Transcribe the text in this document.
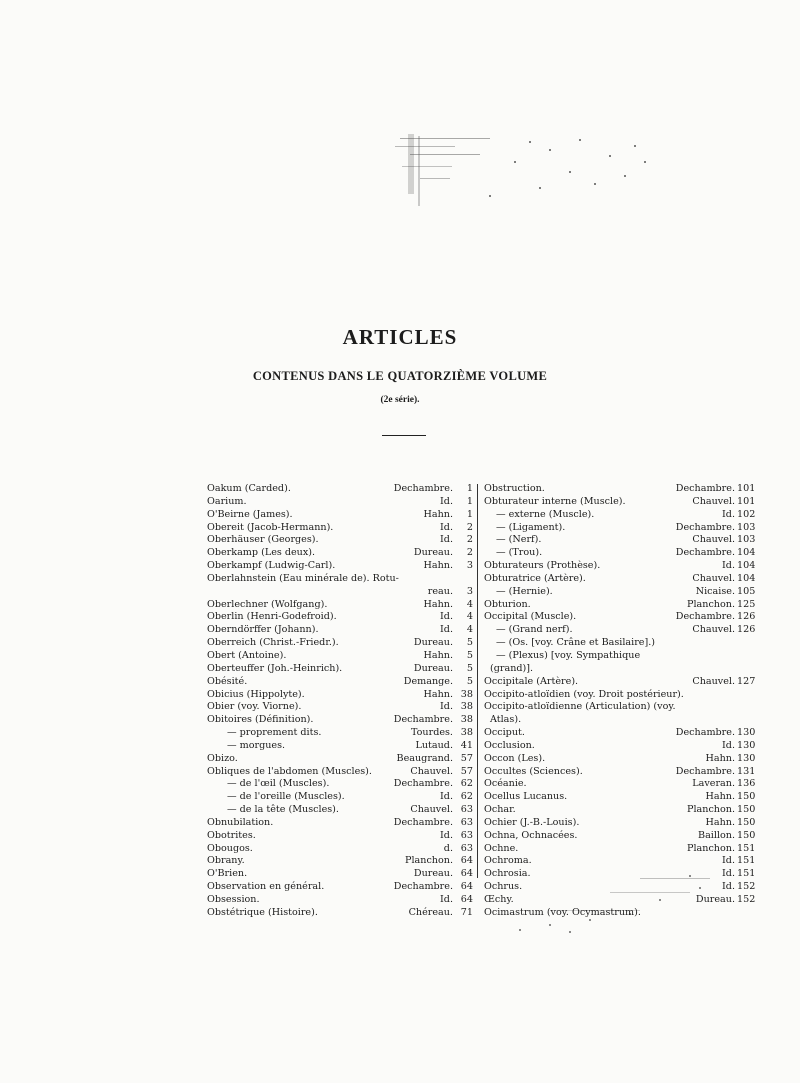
ARTICLES
CONTENUS DANS LE QUATORZIÈME VOLUME
(2e série).
Oakum (Carded).	Dechambre.	1
Oarium.	Id.	1
O'Beirne (James).	Hahn.	1
Obereit (Jacob-Hermann).	Id.	2
Oberhäuser (Georges).	Id.	2
Oberkamp (Les deux).	Dureau.	2
Oberkampf (Ludwig-Carl).	Hahn.	3
Oberlahnstein (Eau minérale de). Rotu-
reau.	3
Oberlechner (Wolfgang).	Hahn.	4
Oberlin (Henri-Godefroid).	Id.	4
Oberndörffer (Johann).	Id.	4
Oberreich (Christ.-Friedr.).	Dureau.	5
Obert (Antoine).	Hahn.	5
Oberteuffer (Joh.-Heinrich).	Dureau.	5
Obésité.	Demange.	5
Obicius (Hippolyte).	Hahn. 38
Obier (voy. Viorne).	Id. 38
Obitoires (Définition).	Dechambre. 38
— proprement dits.	Tourdes. 38
— morgues.	Lutaud. 41
Obizo.	Beaugrand. 57
Obliques de l'abdomen (Muscles).	Chauvel. 57
— de l'œil (Muscles).	Dechambre. 62
— de l'oreille (Muscles).	Id. 62
— de la tête (Muscles).	Chauvel. 63
Obnubilation.	Dechambre. 63
Obotrites.	Id. 63
Obougos.	d. 63
Obrany.	Planchon. 64
O'Brien.	Dureau. 64
Observation en général.	Dechambre. 64
Obsession.	Id. 64
Obstétrique (Histoire).	Chéreau. 71
Obstruction.	Dechambre. 101
Obturateur interne (Muscle).	Chauvel. 101
— externe (Muscle).	Id. 102
— (Ligament).	Dechambre. 103
— (Nerf).	Chauvel. 103
— (Trou).	Dechambre. 104
Obturateurs (Prothèse).	Id. 104
Obturatrice (Artère).	Chauvel. 104
— (Hernie).	Nicaise. 105
Obturion.	Planchon. 125
Occipital (Muscle).	Dechambre. 126
— (Grand nerf).	Chauvel. 126
— (Os. [voy. Crâne et Basilaire].)
— (Plexus) [voy. Sympathique
(grand)].
Occipitale (Artère).	Chauvel. 127
Occipito-atloïdien (voy. Droit postérieur).
Occipito-atloïdienne (Articulation) (voy.
Atlas).
Occiput.	Dechambre. 130
Occlusion.	Id. 130
Occon (Les).	Hahn. 130
Occultes (Sciences).	Dechambre. 131
Océanie.	Laveran. 136
Ocellus Lucanus.	Hahn. 150
Ochar.	Planchon. 150
Ochier (J.-B.-Louis).	Hahn. 150
Ochna, Ochnacées.	Baillon. 150
Ochne.	Planchon. 151
Ochroma.	Id. 151
Ochrosia.	Id. 151
Ochrus.	Id. 152
Œchy.	Dureau. 152
Ocimastrum (voy. Ocymastrum).
